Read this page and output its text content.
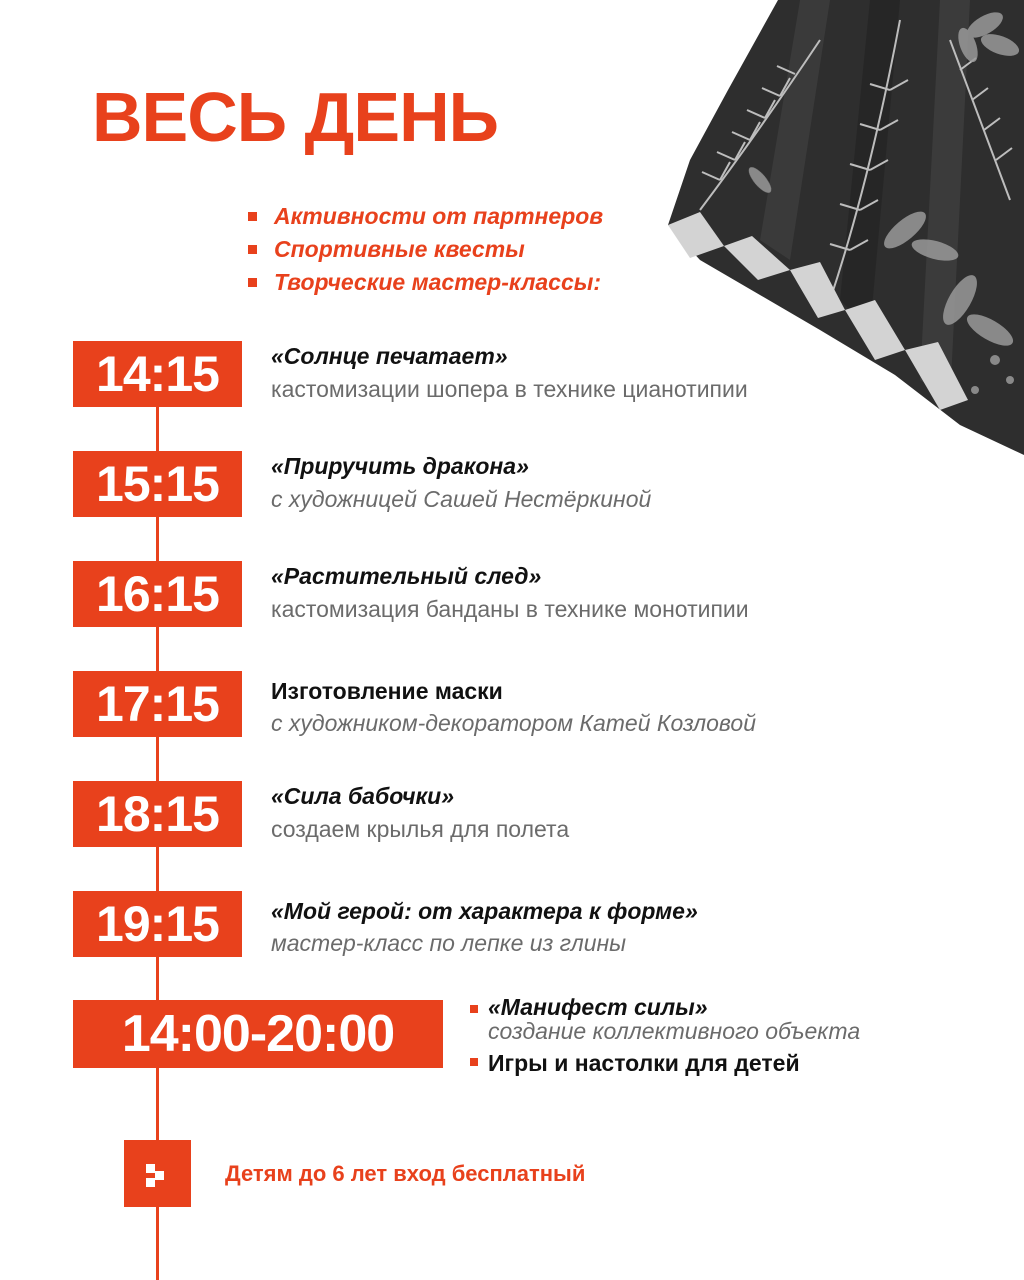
ВЕСЬ ДЕНЬ
Активности от партнеров
Спортивные квесты
Творческие мастер-классы:
14:15	«Солнце печатает»
кастомизации шопера в технике цианотипии
15:15	«Приручить дракона»
с художницей Сашей Нестёркиной
16:15	«Растительный след»
кастомизация банданы в технике монотипии
17:15	Изготовление маски
с художником-декоратором Катей Козловой
18:15	«Сила бабочки»
создаем крылья для полета
19:15	«Мой герой: от характера к форме»
мастер-класс по лепке из глины
14:00-20:00	«Манифест силы»
создание коллективного объекта
Игры и настолки для детей
Детям до 6 лет вход бесплатный
